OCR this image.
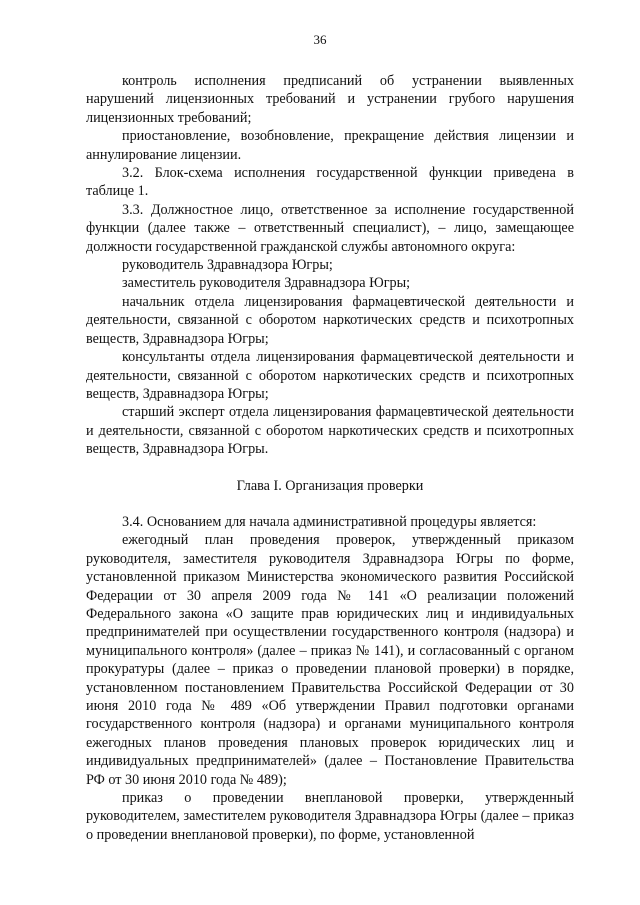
36

контроль исполнения предписаний об устранении выявленных нарушений лицензионных требований и устранении грубого нарушения лицензионных требований;

приостановление, возобновление, прекращение действия лицензии и аннулирование лицензии.

3.2. Блок-схема исполнения государственной функции приведена в таблице 1.

3.3. Должностное лицо, ответственное за исполнение государственной функции (далее также – ответственный специалист), – лицо, замещающее должности государственной гражданской службы автономного округа:

руководитель Здравнадзора Югры;

заместитель руководителя Здравнадзора Югры;

начальник отдела лицензирования фармацевтической деятельности и деятельности, связанной с оборотом наркотических средств и психотропных веществ, Здравнадзора Югры;

консультанты отдела лицензирования фармацевтической деятельности и деятельности, связанной с оборотом наркотических средств и психотропных веществ, Здравнадзора Югры;

старший эксперт отдела лицензирования фармацевтической деятельности и деятельности, связанной с оборотом наркотических средств и психотропных веществ, Здравнадзора Югры.

Глава I. Организация проверки

3.4. Основанием для начала административной процедуры является:

ежегодный план проведения проверок, утвержденный приказом руководителя, заместителя руководителя Здравнадзора Югры по форме, установленной приказом Министерства экономического развития Российской Федерации от 30 апреля 2009 года № 141 «О реализации положений Федерального закона «О защите прав юридических лиц и индивидуальных предпринимателей при осуществлении государственного контроля (надзора) и муниципального контроля» (далее – приказ № 141), и согласованный с органом прокуратуры (далее – приказ о проведении плановой проверки) в порядке, установленном постановлением Правительства Российской Федерации от 30 июня 2010 года № 489 «Об утверждении Правил подготовки органами государственного контроля (надзора) и органами муниципального контроля ежегодных планов проведения плановых проверок юридических лиц и индивидуальных предпринимателей» (далее – Постановление Правительства РФ от 30 июня 2010 года № 489);

приказ о проведении внеплановой проверки, утвержденный руководителем, заместителем руководителя Здравнадзора Югры (далее – приказ о проведении внеплановой проверки), по форме, установленной
